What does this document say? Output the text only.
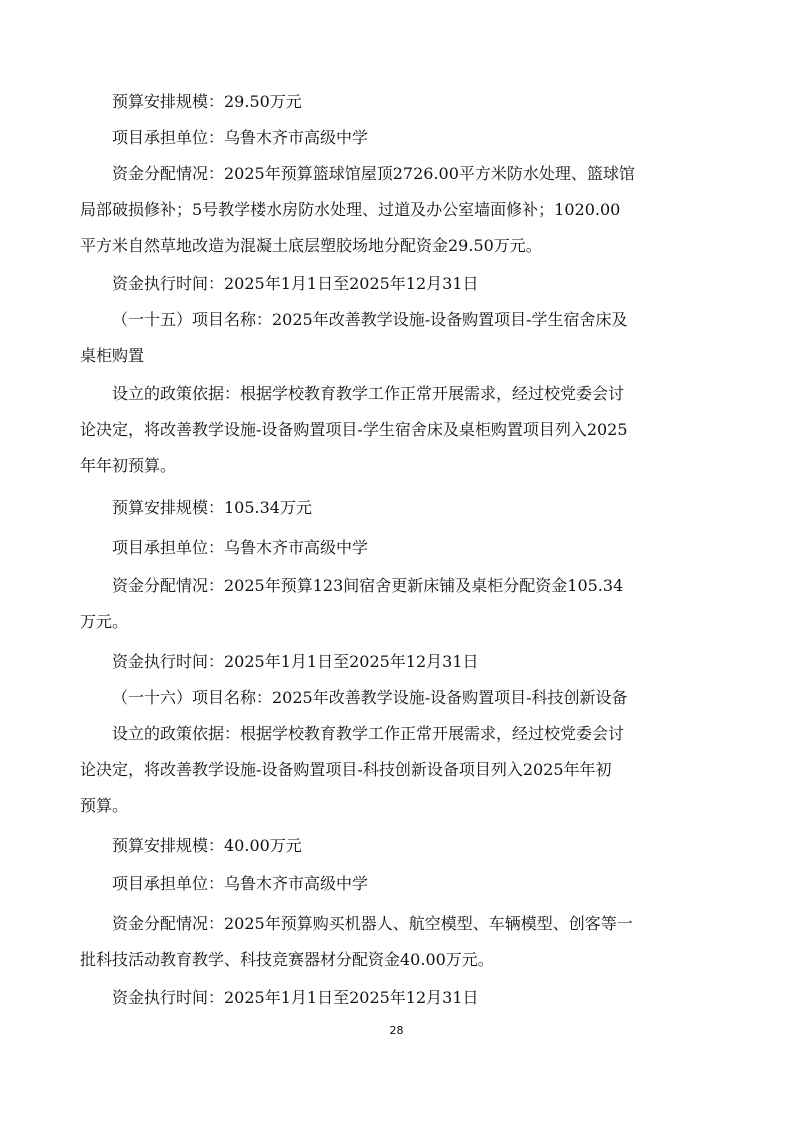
预算安排规模：29.50万元

项目承担单位：乌鲁木齐市高级中学

资金分配情况：2025年预算篮球馆屋顶2726.00平方米防水处理、篮球馆

局部破损修补；5号教学楼水房防水处理、过道及办公室墙面修补；1020.00

平方米自然草地改造为混凝土底层塑胶场地分配资金29.50万元。

资金执行时间：2025年1月1日至2025年12月31日

（一十五）项目名称：2025年改善教学设施-设备购置项目-学生宿舍床及

桌柜购置

设立的政策依据：根据学校教育教学工作正常开展需求，经过校党委会讨

论决定，将改善教学设施-设备购置项目-学生宿舍床及桌柜购置项目列入2025

年年初预算。

预算安排规模：105.34万元

项目承担单位：乌鲁木齐市高级中学

资金分配情况：2025年预算123间宿舍更新床铺及桌柜分配资金105.34

万元。

资金执行时间：2025年1月1日至2025年12月31日

（一十六）项目名称：2025年改善教学设施-设备购置项目-科技创新设备

设立的政策依据：根据学校教育教学工作正常开展需求，经过校党委会讨

论决定，将改善教学设施-设备购置项目-科技创新设备项目列入2025年年初

预算。

预算安排规模：40.00万元

项目承担单位：乌鲁木齐市高级中学

资金分配情况：2025年预算购买机器人、航空模型、车辆模型、创客等一

批科技活动教育教学、科技竞赛器材分配资金40.00万元。

资金执行时间：2025年1月1日至2025年12月31日

28
